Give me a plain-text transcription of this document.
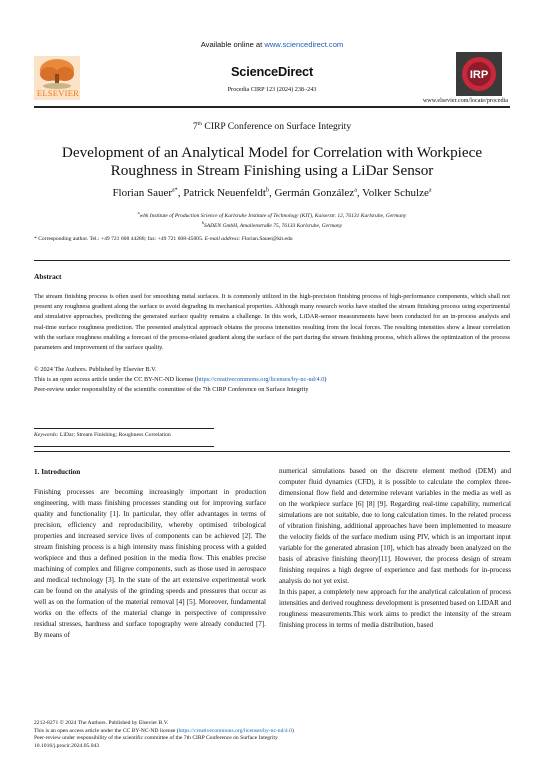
Available online at www.sciencedirect.com
ELSEVIER
ScienceDirect
Procedia CIRP 123 (2024) 238–243
IRP
www.elsevier.com/locate/procedia
7th CIRP Conference on Surface Integrity
Development of an Analytical Model for Correlation with Workpiece
Roughness in Stream Finishing using a LiDar Sensor
Florian Sauer$^{a*}$, Patrick Neuenfeldt$^b$, Germán González$^a$, Volker Schulze$^a$
$^a$wbk Institute of Production Science of Karlsruhe Institute of Technology (KIT), Kaiserstr. 12, 76131 Karlsruhe, Germany
$^b$SADEN GmbH, Amalienstraße 75, 76133 Karlsruhe, Germany
* Corresponding author. Tel.: +49 721 608 44288; fax: +49 721 608-45005. E-mail address: Florian.Sauer@kit.edu
Abstract
The stream finishing process is often used for smoothing metal surfaces. It is commonly utilized in the high-precision finishing process of high-performance components, which shall not present any roughness gradient along the surface to avoid degrading its mechanical properties. Although many research works have studied the stream finishing process using experimental and simulative approaches, predicting the generated surface quality remains a challenge. In this work, LiDAR-sensor measurements have been conducted for an in-process analysis and real-time surface roughness prediction. The presented analytical approach obtains the process intensities resulting from the local forces. The resulting intensities show a linear correlation with the surface roughness enabling a forecast of the process-related gradient along the surface of the part during the stream finishing process, which allows the optimization of the process parameters and improvement of the surface quality.
© 2024 The Authors. Published by Elsevier B.V.
This is an open access article under the CC BY-NC-ND license (https://creativecommons.org/licenses/by-nc-nd/4.0)
Peer-review under responsibility of the scientific committee of the 7th CIRP Conference on Surface Integrity
Keywords: LiDar; Stream Finishing; Roughness Correlation
1. Introduction
Finishing processes are becoming increasingly important in production engineering, with mass finishing processes standing out for improving surface quality and functionality [1]. In particular, they offer advantages in terms of precision, efficiency and reproducibility, whereby optimised tribological properties and increased service lives of components can be achieved [2]. The stream finishing process is a high intensity mass finishing process with a guided workpiece and thus a defined position in the media flow. This enables precise machining of complex and filigree components, such as those used in aerospace and medical technology [3]. In the state of the art extensive experimental work can be found on the analysis of the grinding speeds and pressures that occur as well as on the formation of the material removal [4] [5]. Moreover, fundamental works on the effects of the material change in perspective of compressive residual stresses, hardness and surface topography were already conducted [7]. By means of
numerical simulations based on the discrete element method (DEM) and computer fluid dynamics (CFD), it is possible to calculate the complex three-dimensional flow field and determine relevant variables in the media as well as on the workpiece surface [6] [8] [9]. Regarding real-time capability, numerical simulations are not suitable, due to long calculation times. In the related process of vibration finishing, additional approaches have been implemented to measure the velocity fields of the surface medium using PIV, which is an important input variable for the generated abrasion [10], which has already been analyzed on the basis of abrasive finishing theory[11]. However, the process design of stream finishing requires a high degree of experience and fast methods for in-process analysis do not yet exist.
In this paper, a completely new approach for the analytical calculation of process intensities and derived roughness development is presented based on LIDAR and roughness measurements.This work aims to predict the intensity of the stream finishing process in terms of media distribution, based
2212-8271 © 2024 The Authors. Published by Elsevier B.V.
This is an open access article under the CC BY-NC-ND license (https://creativecommons.org/licenses/by-nc-nd/4.0)
Peer-review under responsibility of the scientific committee of the 7th CIRP Conference on Surface Integrity
10.1016/j.procir.2024.05.043
